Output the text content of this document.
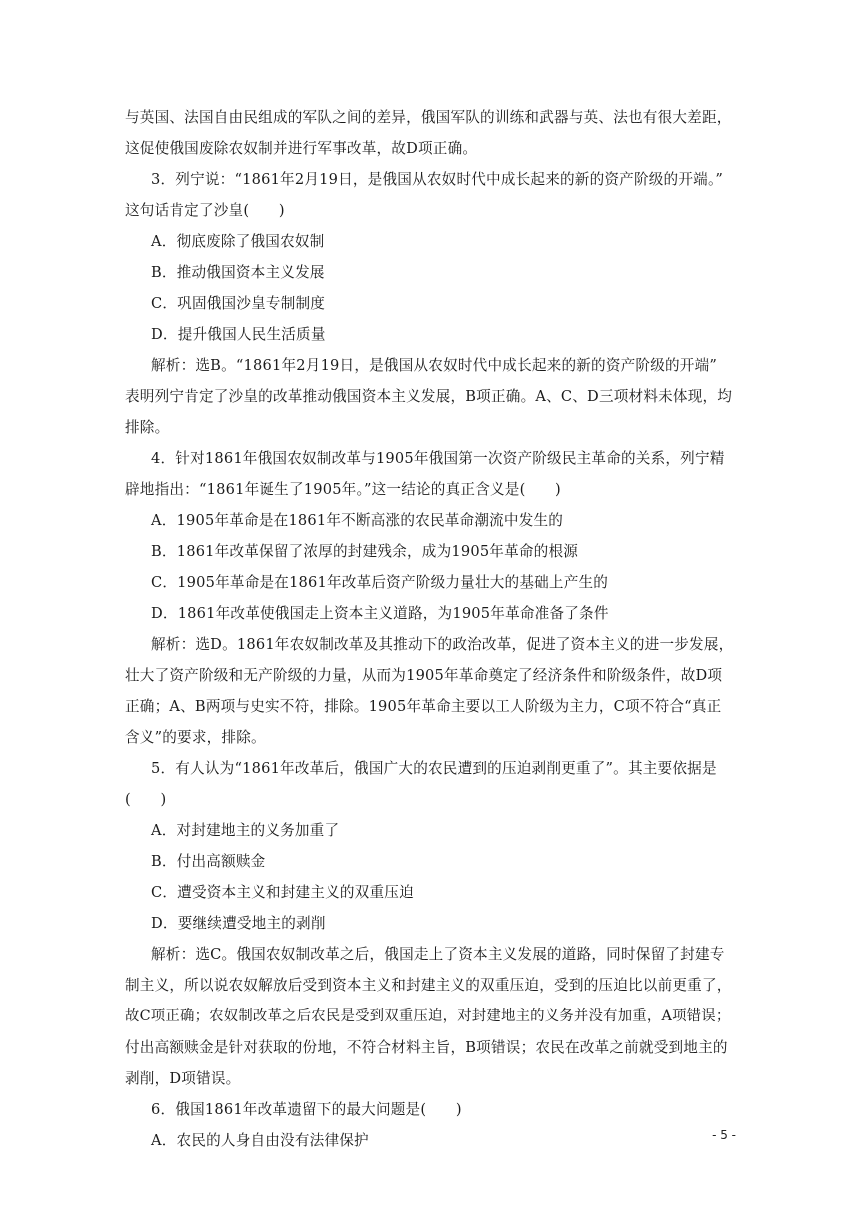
与英国、法国自由民组成的军队之间的差异，俄国军队的训练和武器与英、法也有很大差距，
这促使俄国废除农奴制并进行军事改革，故D项正确。
3．列宁说：“1861年2月19日，是俄国从农奴时代中成长起来的新的资产阶级的开端。”
这句话肯定了沙皇(　　)
A．彻底废除了俄国农奴制
B．推动俄国资本主义发展
C．巩固俄国沙皇专制制度
D．提升俄国人民生活质量
解析：选B。“1861年2月19日，是俄国从农奴时代中成长起来的新的资产阶级的开端”
表明列宁肯定了沙皇的改革推动俄国资本主义发展，B项正确。A、C、D三项材料未体现，均
排除。
4．针对1861年俄国农奴制改革与1905年俄国第一次资产阶级民主革命的关系，列宁精
辟地指出：“1861年诞生了1905年。”这一结论的真正含义是(　　)
A．1905年革命是在1861年不断高涨的农民革命潮流中发生的
B．1861年改革保留了浓厚的封建残余，成为1905年革命的根源
C．1905年革命是在1861年改革后资产阶级力量壮大的基础上产生的
D．1861年改革使俄国走上资本主义道路，为1905年革命准备了条件
解析：选D。1861年农奴制改革及其推动下的政治改革，促进了资本主义的进一步发展，
壮大了资产阶级和无产阶级的力量，从而为1905年革命奠定了经济条件和阶级条件，故D项
正确；A、B两项与史实不符，排除。1905年革命主要以工人阶级为主力，C项不符合“真正
含义”的要求，排除。
5．有人认为“1861年改革后，俄国广大的农民遭到的压迫剥削更重了”。其主要依据是
(　　)
A．对封建地主的义务加重了
B．付出高额赎金
C．遭受资本主义和封建主义的双重压迫
D．要继续遭受地主的剥削
解析：选C。俄国农奴制改革之后，俄国走上了资本主义发展的道路，同时保留了封建专
制主义，所以说农奴解放后受到资本主义和封建主义的双重压迫，受到的压迫比以前更重了，
故C项正确；农奴制改革之后农民是受到双重压迫，对封建地主的义务并没有加重，A项错误；
付出高额赎金是针对获取的份地，不符合材料主旨，B项错误；农民在改革之前就受到地主的
剥削，D项错误。
6．俄国1861年改革遗留下的最大问题是(　　)
A．农民的人身自由没有法律保护	- 5 -
